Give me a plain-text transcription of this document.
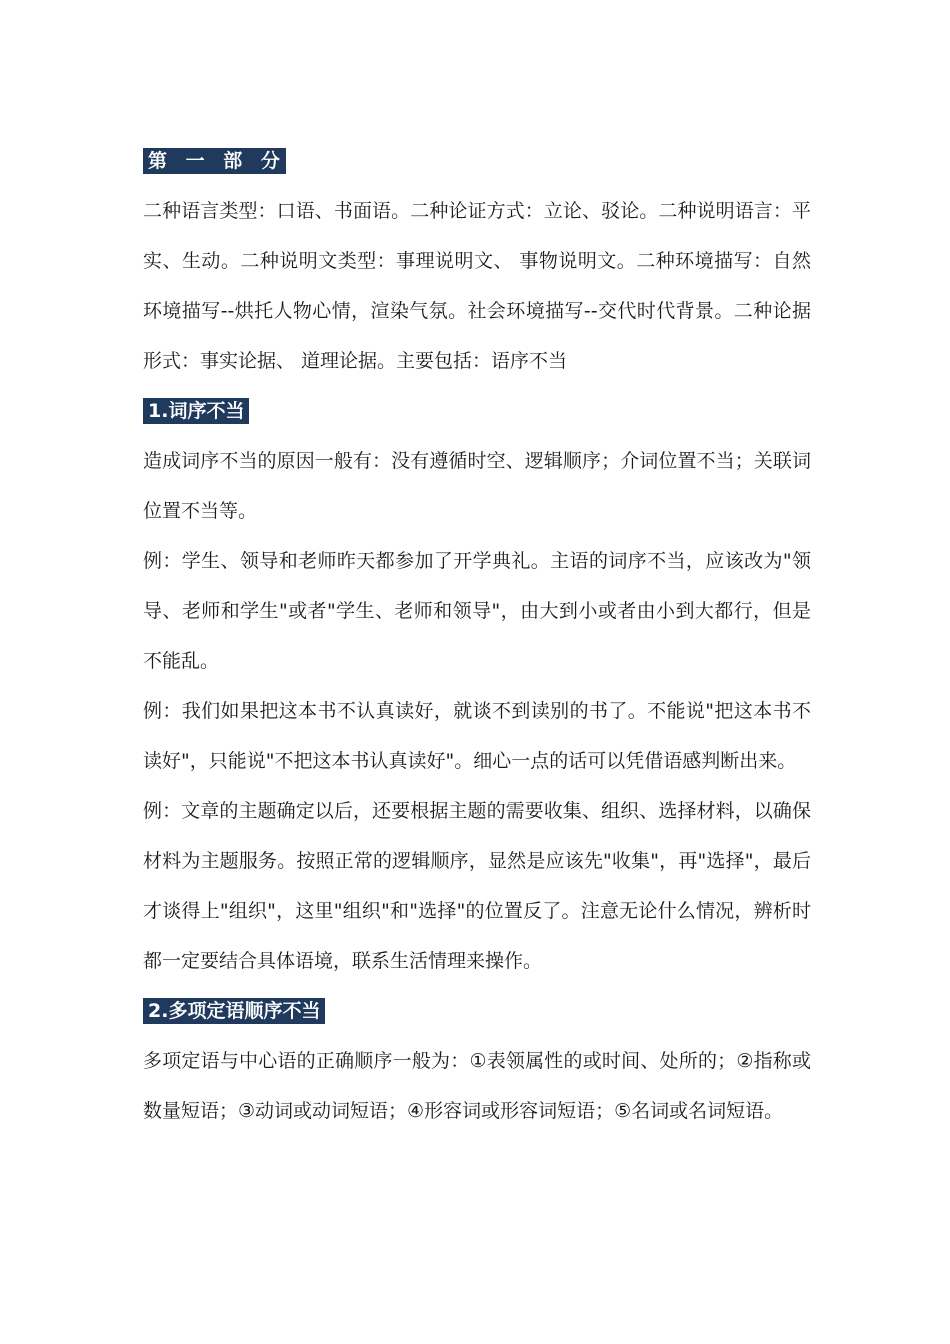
第 一 部 分

二种语言类型：口语、书面语。二种论证方式：立论、驳论。二种说明语言：平实、生动。二种说明文类型：事理说明文、 事物说明文。二种环境描写：自然环境描写--烘托人物心情，渲染气氛。社会环境描写--交代时代背景。二种论据形式：事实论据、 道理论据。主要包括：语序不当

1.词序不当

造成词序不当的原因一般有：没有遵循时空、逻辑顺序；介词位置不当；关联词位置不当等。

例：学生、领导和老师昨天都参加了开学典礼。主语的词序不当，应该改为"领导、老师和学生"或者"学生、老师和领导"，由大到小或者由小到大都行，但是不能乱。

例：我们如果把这本书不认真读好，就谈不到读别的书了。不能说"把这本书不读好"，只能说"不把这本书认真读好"。细心一点的话可以凭借语感判断出来。

例：文章的主题确定以后，还要根据主题的需要收集、组织、选择材料，以确保材料为主题服务。按照正常的逻辑顺序，显然是应该先"收集"，再"选择"，最后才谈得上"组织"，这里"组织"和"选择"的位置反了。注意无论什么情况，辨析时都一定要结合具体语境，联系生活情理来操作。

2.多项定语顺序不当

多项定语与中心语的正确顺序一般为：①表领属性的或时间、处所的；②指称或数量短语；③动词或动词短语；④形容词或形容词短语；⑤名词或名词短语。
